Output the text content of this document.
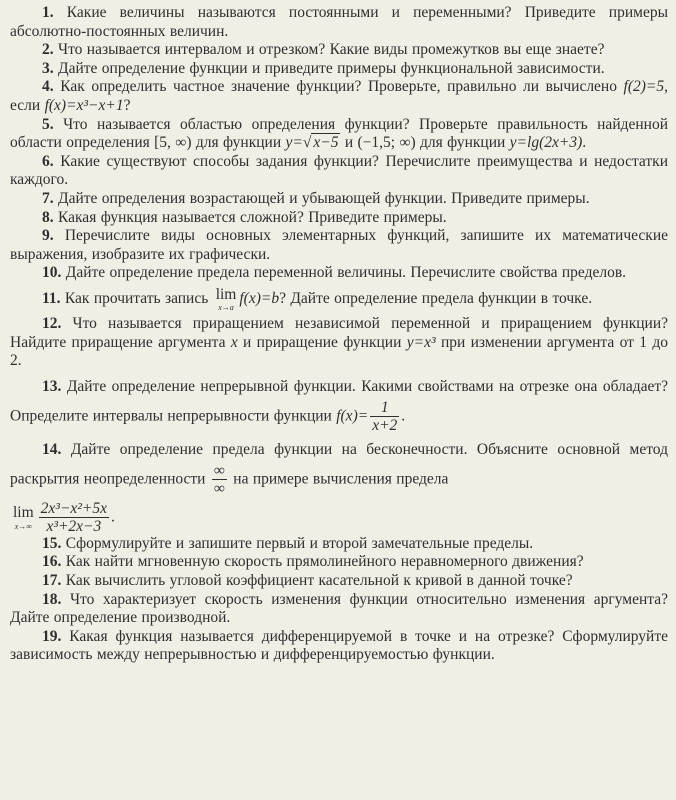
1. Какие величины называются постоянными и переменными? Приведите примеры абсолютно-постоянных величин.

2. Что называется интервалом и отрезком? Какие виды промежутков вы еще знаете?

3. Дайте определение функции и приведите примеры функциональной зависимости.

4. Как определить частное значение функции? Проверьте, правильно ли вычислено f(2)=5, если f(x)=x³−x+1?

5. Что называется областью определения функции? Проверьте правильность найденной области определения [5, ∞) для функции y=√ x−5 и (−1,5; ∞) для функции y=lg(2x+3).

6. Какие существуют способы задания функции? Перечислите преимущества и недостатки каждого.

7. Дайте определения возрастающей и убывающей функции. Приведите примеры.

8. Какая функция называется сложной? Приведите примеры.

9. Перечислите виды основных элементарных функций, запишите их математические выражения, изобразите их графически.

10. Дайте определение предела переменной величины. Перечислите свойства пределов.

11. Как прочитать запись lim
x→a
f(x)=b? Дайте определение предела функции в точке.

12. Что называется приращением независимой переменной и приращением функции? Найдите приращение аргумента x и приращение функции y=x³ при изменении аргумента от 1 до 2.

13. Дайте определение непрерывной функции. Какими свойствами на отрезке она обладает? Определите интервалы непрерывности функции $f(x)= \frac{1}{x+2}$ .

14. Дайте определение предела функции на бесконечности. Объясните основной метод раскрытия неопределенности $\frac{\infty}{\infty}$ на примере вычисления предела

lim
$x\to\infty \frac{\text{2x³−x²+5x}}{\text{x³+2x−3}}$ .

15. Сформулируйте и запишите первый и второй замечательные пределы.

16. Как найти мгновенную скорость прямолинейного неравномерного движения?

17. Как вычислить угловой коэффициент касательной к кривой в данной точке?

18. Что характеризует скорость изменения функции относительно изменения аргумента? Дайте определение производной.

19. Какая функция называется дифференцируемой в точке и на отрезке? Сформулируйте зависимость между непрерывностью и дифференцируемостью функции.
